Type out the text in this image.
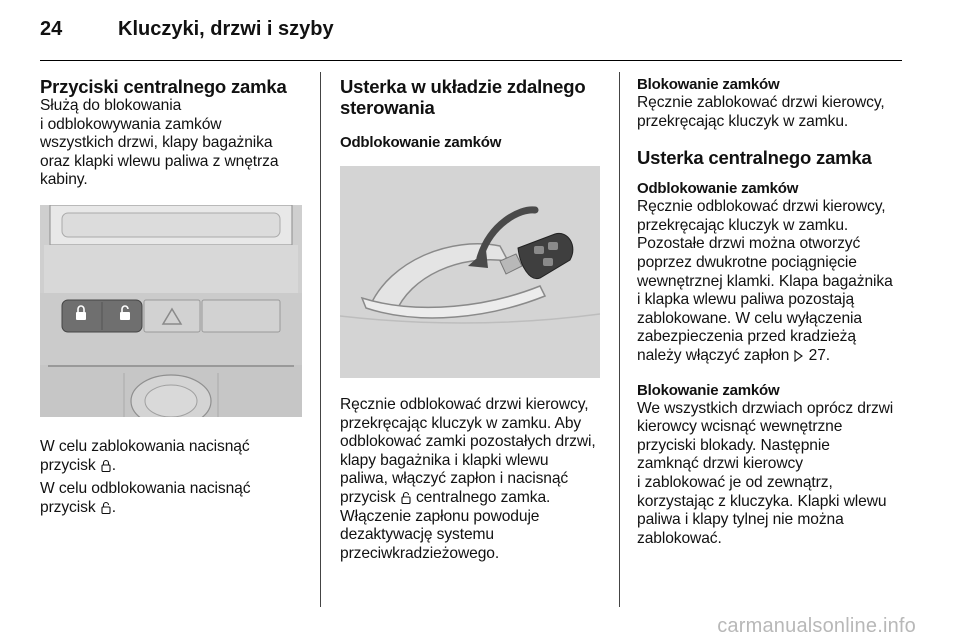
24	Kluczyki, drzwi i szyby
Przyciski centralnego zamka

Służą do blokowania
i odblokowywania zamków
wszystkich drzwi, klapy bagażnika
oraz klapki wlewu paliwa z wnętrza
kabiny.

W celu zablokowania nacisnąć
przycisk .

W celu odblokowania nacisnąć
przycisk .

Usterka w układzie zdalnego
sterowania
Odblokowanie zamków

Ręcznie odblokować drzwi kierowcy,
przekręcając kluczyk w zamku. Aby
odblokować zamki pozostałych drzwi,
klapy bagażnika i klapki wlewu
paliwa, włączyć zapłon i nacisnąć
przycisk centralnego zamka.
Włączenie zapłonu powoduje
dezaktywację systemu
przeciwkradzieżowego.

Blokowanie zamków

Ręcznie zablokować drzwi kierowcy,
przekręcając kluczyk w zamku.

Usterka centralnego zamka
Odblokowanie zamków

Ręcznie odblokować drzwi kierowcy,
przekręcając kluczyk w zamku.
Pozostałe drzwi można otworzyć
poprzez dwukrotne pociągnięcie
wewnętrznej klamki. Klapa bagażnika
i klapka wlewu paliwa pozostają
zablokowane. W celu wyłączenia
zabezpieczenia przed kradzieżą
należy włączyć zapłon 27.

Blokowanie zamków

We wszystkich drzwiach oprócz drzwi
kierowcy wcisnąć wewnętrzne
przyciski blokady. Następnie
zamknąć drzwi kierowcy
i zablokować je od zewnątrz,
korzystając z kluczyka. Klapki wlewu
paliwa i klapy tylnej nie można
zablokować.

carmanualsonline.info
